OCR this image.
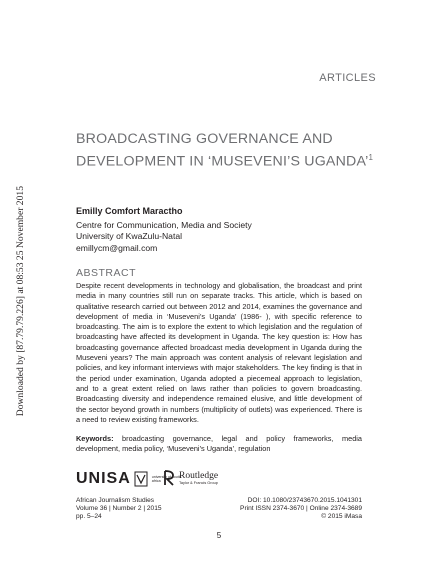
Downloaded by [87.79.79.226] at 08:53 25 November 2015
ARTICLES
BROADCASTING GOVERNANCE AND DEVELOPMENT IN ‘MUSEVENI’S UGANDA’$^1$
Emilly Comfort Maractho
Centre for Communication, Media and Society
University of KwaZulu-Natal
emillycm@gmail.com
ABSTRACT

Despite recent developments in technology and globalisation, the broadcast and print media in many countries still run on separate tracks. This article, which is based on qualitative research carried out between 2012 and 2014, examines the governance and development of media in ‘Museveni’s Uganda’ (1986- ), with specific reference to broadcasting. The aim is to explore the extent to which legislation and the regulation of broadcasting have affected its development in Uganda. The key question is: How has broadcasting governance affected broadcast media development in Uganda during the Museveni years? The main approach was content analysis of relevant legislation and policies, and key informant interviews with major stakeholders. The key finding is that in the period under examination, Uganda adopted a piecemeal approach to legislation, and to a great extent relied on laws rather than policies to govern broadcasting. Broadcasting diversity and independence remained elusive, and little development of the sector beyond growth in numbers (multiplicity of outlets) was experienced. There is a need to review existing frameworks.

Keywords: broadcasting governance, legal and policy frameworks, media development, media policy, ‘Museveni’s Uganda’, regulation

UNISA	university of south africa	Routledge
Taylor & Francis Group
African Journalism Studies
Volume 36 | Number 2 | 2015
pp. 5–24
DOI: 10.1080/23743670.2015.1041301
Print ISSN 2374-3670 | Online 2374-3689
© 2015 iMasa
5
